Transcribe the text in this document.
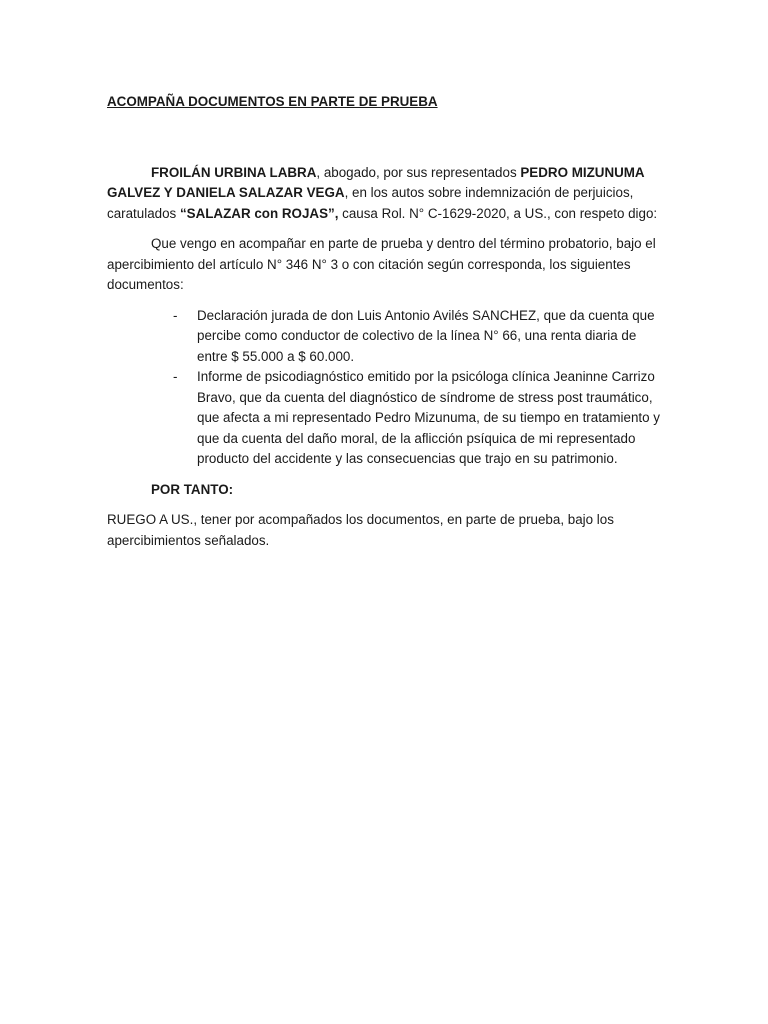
ACOMPAÑA DOCUMENTOS EN PARTE DE PRUEBA

FROILÁN URBINA LABRA, abogado, por sus representados PEDRO MIZUNUMA GALVEZ Y DANIELA SALAZAR VEGA, en los autos sobre indemnización de perjuicios, caratulados “SALAZAR con ROJAS”, causa Rol. N° C-1629-2020, a US., con respeto digo:

Que vengo en acompañar en parte de prueba y dentro del término probatorio, bajo el apercibimiento del artículo N° 346 N° 3 o con citación según corresponda, los siguientes documentos:

- Declaración jurada de don Luis Antonio Avilés SANCHEZ, que da cuenta que percibe como conductor de colectivo de la línea N° 66, una renta diaria de entre $ 55.000 a $ 60.000.
- Informe de psicodiagnóstico emitido por la psicóloga clínica Jeaninne Carrizo Bravo, que da cuenta del diagnóstico de síndrome de stress post traumático, que afecta a mi representado Pedro Mizunuma, de su tiempo en tratamiento y que da cuenta del daño moral, de la aflicción psíquica de mi representado producto del accidente y las consecuencias que trajo en su patrimonio.

POR TANTO:

RUEGO A US., tener por acompañados los documentos, en parte de prueba, bajo los apercibimientos señalados.
